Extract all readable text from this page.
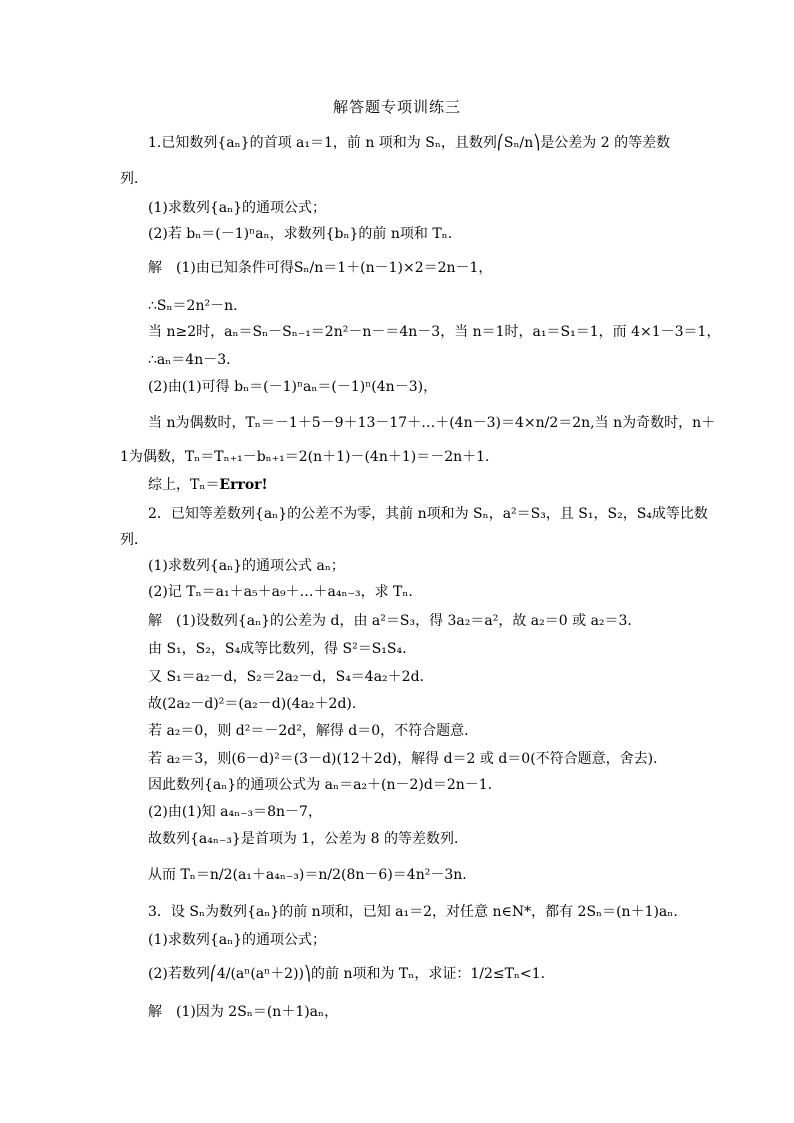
解答题专项训练三
1.已知数列{aₙ}的首项 a₁＝1，前 n 项和为 Sₙ，且数列⎛Sₙ/n⎞是公差为 2 的等差数
列．
(1)求数列{aₙ}的通项公式；
(2)若 bₙ＝(－1)ⁿaₙ，求数列{bₙ}的前 n项和 Tₙ.
解　(1)由已知条件可得Sₙ/n＝1＋(n－1)×2＝2n－1，
∴Sₙ＝2n²－n.
当 n≥2时，aₙ＝Sₙ－Sₙ₋₁＝2n²－n－＝4n－3，当 n＝1时，a₁＝S₁＝1，而 4×1－3＝1，
∴aₙ＝4n－3.
(2)由(1)可得 bₙ＝(－1)ⁿaₙ＝(－1)ⁿ(4n－3)，
当 n为偶数时，Tₙ＝－1＋5－9＋13－17＋…＋(4n－3)＝4×n/2＝2n,当 n为奇数时，n＋
1为偶数，Tₙ＝Tₙ₊₁－bₙ₊₁＝2(n＋1)－(4n＋1)＝－2n＋1.
综上，Tₙ＝Error!
2．已知等差数列{aₙ}的公差不为零，其前 n项和为 Sₙ，a²＝S₃，且 S₁，S₂，S₄成等比数
列．
(1)求数列{aₙ}的通项公式 aₙ；
(2)记 Tₙ＝a₁＋a₅＋a₉＋…＋a₄ₙ₋₃，求 Tₙ.
解　(1)设数列{aₙ}的公差为 d，由 a²＝S₃，得 3a₂＝a²，故 a₂＝0 或 a₂＝3.
由 S₁，S₂，S₄成等比数列，得 S²＝S₁S₄.
又 S₁＝a₂－d，S₂＝2a₂－d，S₄＝4a₂＋2d.
故(2a₂－d)²＝(a₂－d)(4a₂＋2d).
若 a₂＝0，则 d²＝－2d²，解得 d＝0，不符合题意．
若 a₂＝3，则(6－d)²＝(3－d)(12＋2d)，解得 d＝2 或 d＝0(不符合题意，舍去)．
因此数列{aₙ}的通项公式为 aₙ＝a₂＋(n－2)d＝2n－1.
(2)由(1)知 a₄ₙ₋₃＝8n－7，
故数列{a₄ₙ₋₃}是首项为 1，公差为 8 的等差数列．
从而 Tₙ＝n/2(a₁＋a₄ₙ₋₃)＝n/2(8n－6)＝4n²－3n.
3．设 Sₙ为数列{aₙ}的前 n项和，已知 a₁＝2，对任意 n∈N*，都有 2Sₙ＝(n＋1)aₙ.
(1)求数列{aₙ}的通项公式；
(2)若数列⎛4/(aⁿ(aⁿ＋2))⎞的前 n项和为 Tₙ，求证：1/2≤Tₙ<1.
解　(1)因为 2Sₙ＝(n＋1)aₙ，
